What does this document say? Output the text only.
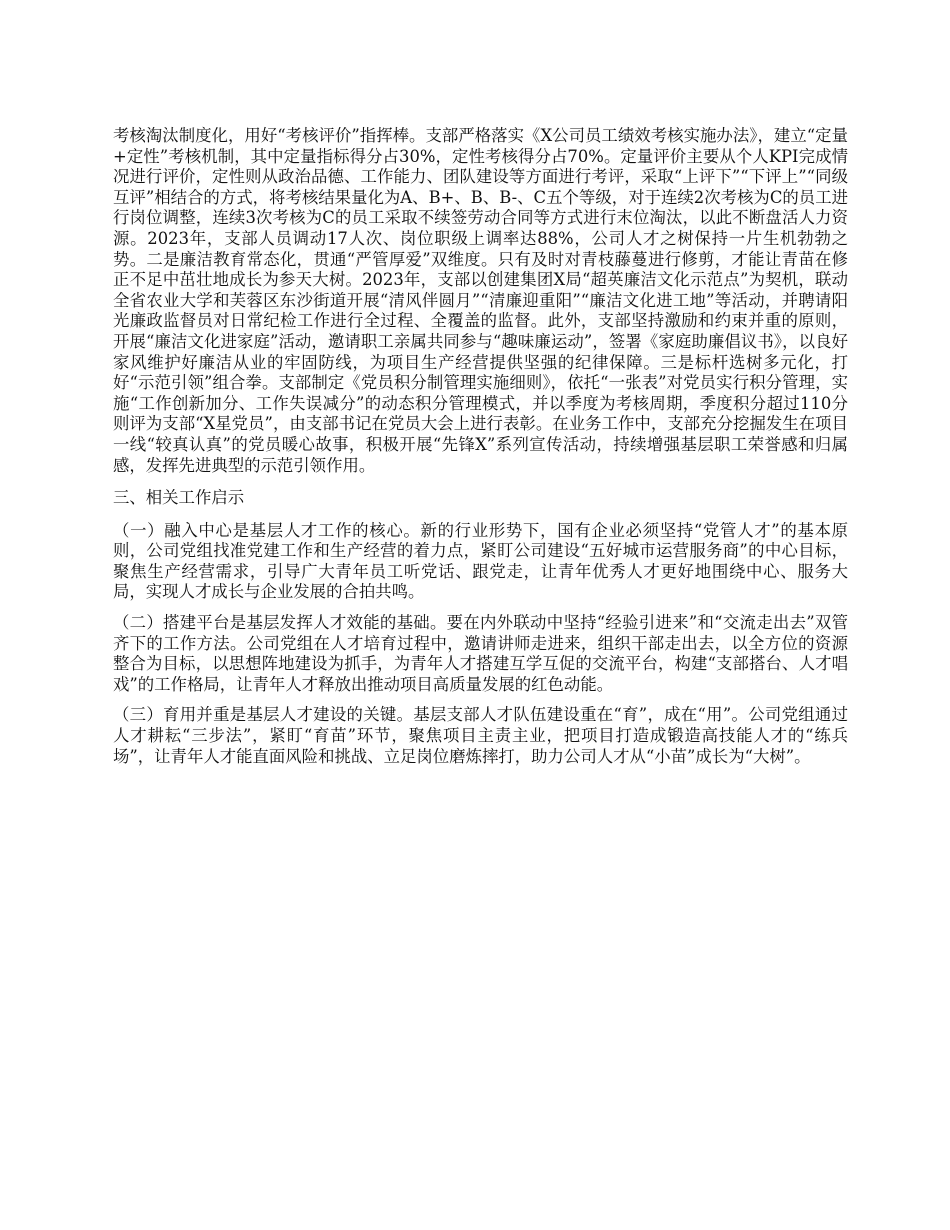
考核淘汰制度化，用好“考核评价”指挥棒。支部严格落实《X公司员工绩效考核实施办法》，建立“定量+定性”考核机制，其中定量指标得分占30%，定性考核得分占70%。定量评价主要从个人KPI完成情况进行评价，定性则从政治品德、工作能力、团队建设等方面进行考评，采取“上评下”“下评上”“同级互评”相结合的方式，将考核结果量化为A、B+、B、B-、C五个等级，对于连续2次考核为C的员工进行岗位调整，连续3次考核为C的员工采取不续签劳动合同等方式进行末位淘汰，以此不断盘活人力资源。2023年，支部人员调动17人次、岗位职级上调率达88%，公司人才之树保持一片生机勃勃之势。二是廉洁教育常态化，贯通“严管厚爱”双维度。只有及时对青枝藤蔓进行修剪，才能让青苗在修正不足中茁壮地成长为参天大树。2023年，支部以创建集团X局“超英廉洁文化示范点”为契机，联动全省农业大学和芙蓉区东沙街道开展“清风伴圆月”“清廉迎重阳”“廉洁文化进工地”等活动，并聘请阳光廉政监督员对日常纪检工作进行全过程、全覆盖的监督。此外，支部坚持激励和约束并重的原则，开展“廉洁文化进家庭”活动，邀请职工亲属共同参与“趣味廉运动”，签署《家庭助廉倡议书》，以良好家风维护好廉洁从业的牢固防线，为项目生产经营提供坚强的纪律保障。三是标杆选树多元化，打好“示范引领”组合拳。支部制定《党员积分制管理实施细则》，依托“一张表”对党员实行积分管理，实施“工作创新加分、工作失误减分”的动态积分管理模式，并以季度为考核周期，季度积分超过110分则评为支部“X星党员”，由支部书记在党员大会上进行表彰。在业务工作中，支部充分挖掘发生在项目一线“较真认真”的党员暖心故事，积极开展“先锋X”系列宣传活动，持续增强基层职工荣誉感和归属感，发挥先进典型的示范引领作用。

三、相关工作启示

（一）融入中心是基层人才工作的核心。新的行业形势下，国有企业必须坚持“党管人才”的基本原则，公司党组找准党建工作和生产经营的着力点，紧盯公司建设“五好城市运营服务商”的中心目标，聚焦生产经营需求，引导广大青年员工听党话、跟党走，让青年优秀人才更好地围绕中心、服务大局，实现人才成长与企业发展的合拍共鸣。

（二）搭建平台是基层发挥人才效能的基础。要在内外联动中坚持“经验引进来”和“交流走出去”双管齐下的工作方法。公司党组在人才培育过程中，邀请讲师走进来，组织干部走出去，以全方位的资源整合为目标，以思想阵地建设为抓手，为青年人才搭建互学互促的交流平台，构建“支部搭台、人才唱戏”的工作格局，让青年人才释放出推动项目高质量发展的红色动能。

（三）育用并重是基层人才建设的关键。基层支部人才队伍建设重在“育”，成在“用”。公司党组通过人才耕耘“三步法”，紧盯“育苗”环节，聚焦项目主责主业，把项目打造成锻造高技能人才的“练兵场”，让青年人才能直面风险和挑战、立足岗位磨炼摔打，助力公司人才从“小苗”成长为“大树”。
